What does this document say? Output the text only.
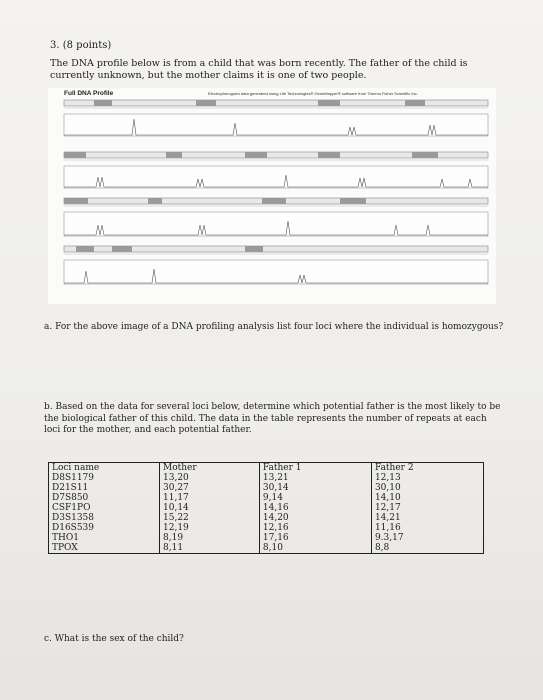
3. (8 points)
The DNA profile below is from a child that was born recently. The father of the child is currently unknown, but the mother claims it is one of two people.
Full DNA Profile	Electropherogram data generated using Life Technologies® GeneMapper® software from Thermo Fisher Scientific Inc.
a. For the above image of a DNA profiling analysis list four loci where the individual is homozygous?
b. Based on the data for several loci below, determine which potential father is the most likely to be the biological father of this child. The data in the table represents the number of repeats at each loci for the mother, and each potential father.
Loci name	Mother	Father 1	Father 2
D8S1179	13,20	13,21	12,13
D21S11	30,27	30,14	30,10
D7S850	11,17	9,14	14,10
CSF1PO	10,14	14,16	12,17
D3S1358	15,22	14,20	14,21
D16S539	12,19	12,16	11,16
THO1	8,19	17,16	9.3,17
TPOX	8,11	8,10	8,8
c. What is the sex of the child?
